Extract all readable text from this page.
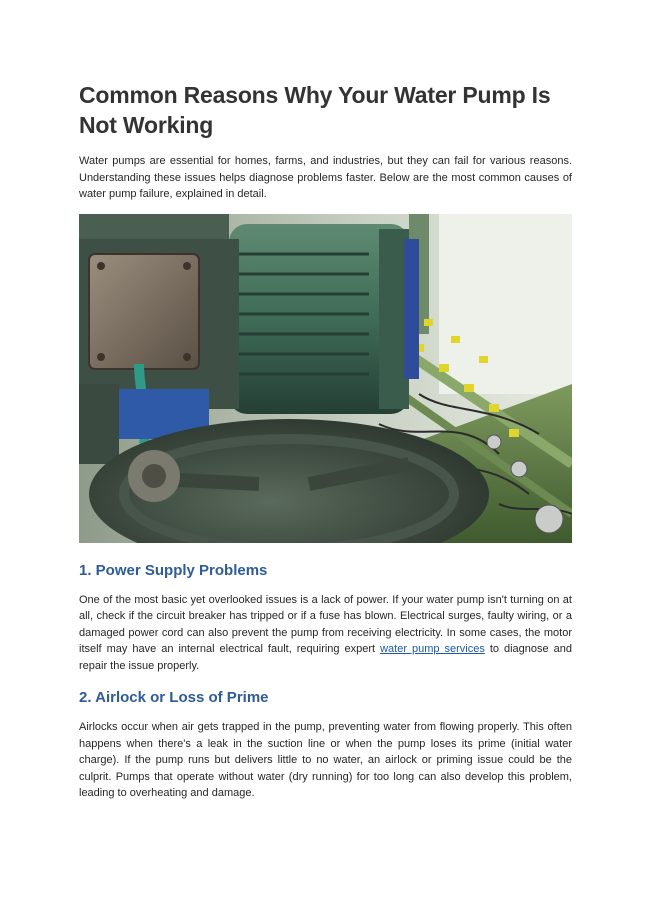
Common Reasons Why Your Water Pump Is Not Working

Water pumps are essential for homes, farms, and industries, but they can fail for various reasons. Understanding these issues helps diagnose problems faster. Below are the most common causes of water pump failure, explained in detail.

1. Power Supply Problems

One of the most basic yet overlooked issues is a lack of power. If your water pump isn't turning on at all, check if the circuit breaker has tripped or if a fuse has blown. Electrical surges, faulty wiring, or a damaged power cord can also prevent the pump from receiving electricity. In some cases, the motor itself may have an internal electrical fault, requiring expert water pump services to diagnose and repair the issue properly.

2. Airlock or Loss of Prime

Airlocks occur when air gets trapped in the pump, preventing water from flowing properly. This often happens when there's a leak in the suction line or when the pump loses its prime (initial water charge). If the pump runs but delivers little to no water, an airlock or priming issue could be the culprit. Pumps that operate without water (dry running) for too long can also develop this problem, leading to overheating and damage.
